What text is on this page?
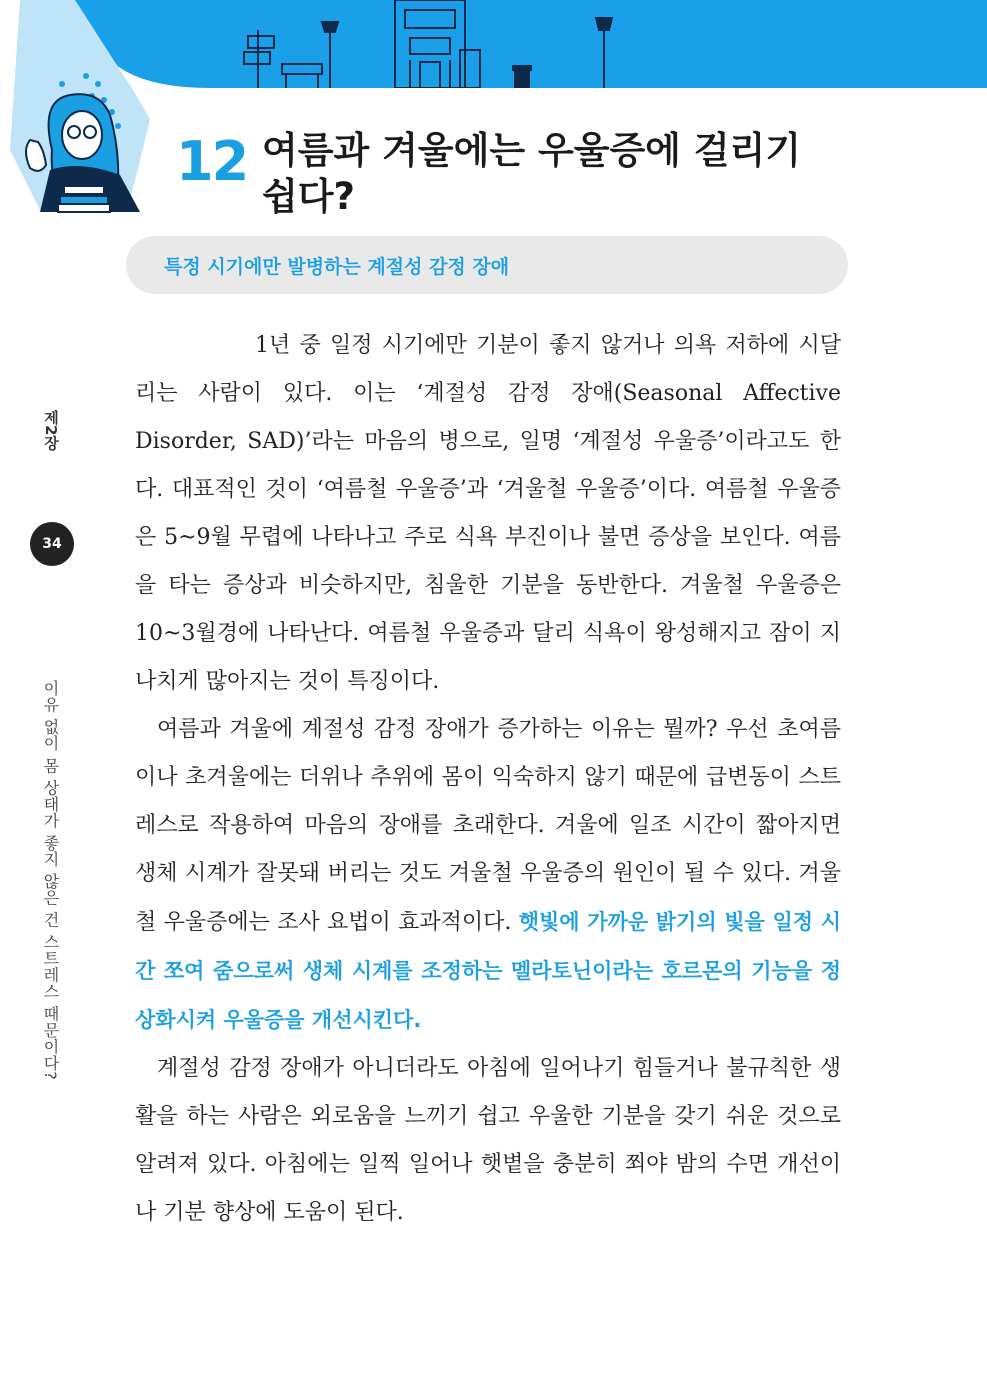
12 여름과 겨울에는 우울증에 걸리기 쉽다?
특정 시기에만 발병하는 계절성 감정 장애
제2장
34
이유 없이 몸 상태가 좋지 않은 건 스트레스 때문이다?

1년 중 일정 시기에만 기분이 좋지 않거나 의욕 저하에 시달리는 사람이 있다. 이는 ‘계절성 감정 장애(Seasonal Affective Disorder, SAD)’라는 마음의 병으로, 일명 ‘계절성 우울증’이라고도 한다. 대표적인 것이 ‘여름철 우울증’과 ‘겨울철 우울증’이다. 여름철 우울증은 5~9월 무렵에 나타나고 주로 식욕 부진이나 불면 증상을 보인다. 여름을 타는 증상과 비슷하지만, 침울한 기분을 동반한다. 겨울철 우울증은 10~3월경에 나타난다. 여름철 우울증과 달리 식욕이 왕성해지고 잠이 지나치게 많아지는 것이 특징이다.

여름과 겨울에 계절성 감정 장애가 증가하는 이유는 뭘까? 우선 초여름이나 초겨울에는 더위나 추위에 몸이 익숙하지 않기 때문에 급변동이 스트레스로 작용하여 마음의 장애를 초래한다. 겨울에 일조 시간이 짧아지면 생체 시계가 잘못돼 버리는 것도 겨울철 우울증의 원인이 될 수 있다. 겨울철 우울증에는 조사 요법이 효과적이다. 햇빛에 가까운 밝기의 빛을 일정 시간 쪼여 줌으로써 생체 시계를 조정하는 멜라토닌이라는 호르몬의 기능을 정상화시켜 우울증을 개선시킨다.

계절성 감정 장애가 아니더라도 아침에 일어나기 힘들거나 불규칙한 생활을 하는 사람은 외로움을 느끼기 쉽고 우울한 기분을 갖기 쉬운 것으로 알려져 있다. 아침에는 일찍 일어나 햇볕을 충분히 쬐야 밤의 수면 개선이나 기분 향상에 도움이 된다.
